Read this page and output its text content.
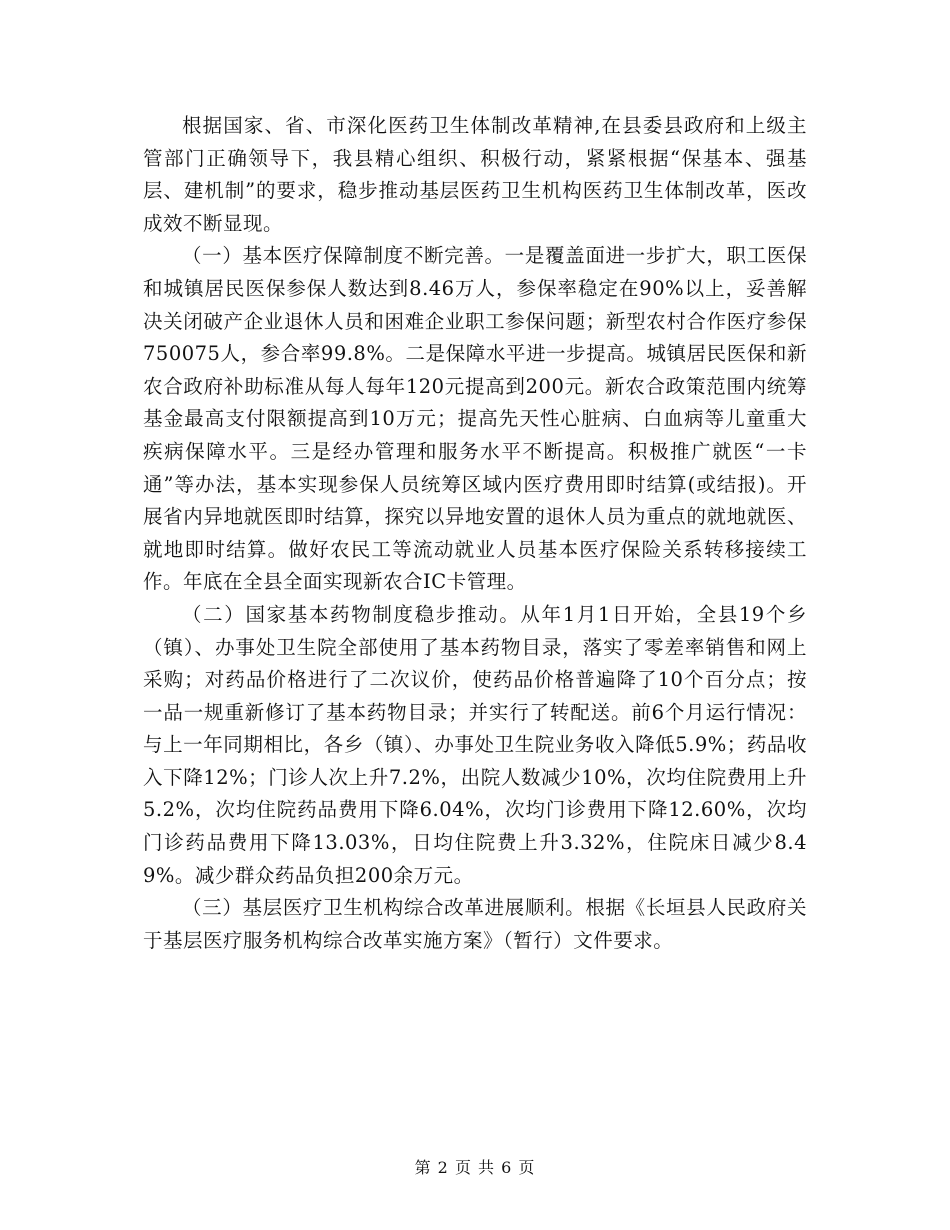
根据国家、省、市深化医药卫生体制改革精神,在县委县政府和上级主管部门正确领导下，我县精心组织、积极行动，紧紧根据“保基本、强基层、建机制”的要求，稳步推动基层医药卫生机构医药卫生体制改革，医改成效不断显现。

（一）基本医疗保障制度不断完善。一是覆盖面进一步扩大，职工医保和城镇居民医保参保人数达到8.46万人，参保率稳定在90%以上，妥善解决关闭破产企业退休人员和困难企业职工参保问题；新型农村合作医疗参保750075人，参合率99.8%。二是保障水平进一步提高。城镇居民医保和新农合政府补助标准从每人每年120元提高到200元。新农合政策范围内统筹基金最高支付限额提高到10万元；提高先天性心脏病、白血病等儿童重大疾病保障水平。三是经办管理和服务水平不断提高。积极推广就医“一卡通”等办法，基本实现参保人员统筹区域内医疗费用即时结算(或结报)。开展省内异地就医即时结算，探究以异地安置的退休人员为重点的就地就医、就地即时结算。做好农民工等流动就业人员基本医疗保险关系转移接续工作。年底在全县全面实现新农合IC卡管理。

（二）国家基本药物制度稳步推动。从年1月1日开始，全县19个乡（镇）、办事处卫生院全部使用了基本药物目录，落实了零差率销售和网上采购；对药品价格进行了二次议价，使药品价格普遍降了10个百分点；按一品一规重新修订了基本药物目录；并实行了转配送。前6个月运行情况：与上一年同期相比，各乡（镇）、办事处卫生院业务收入降低5.9%；药品收入下降12%；门诊人次上升7.2%，出院人数减少10%，次均住院费用上升5.2%，次均住院药品费用下降6.04%，次均门诊费用下降12.60%，次均门诊药品费用下降13.03%，日均住院费上升3.32%，住院床日减少8.49%。减少群众药品负担200余万元。

（三）基层医疗卫生机构综合改革进展顺利。根据《长垣县人民政府关于基层医疗服务机构综合改革实施方案》（暂行）文件要求。

第 2 页 共 6 页
